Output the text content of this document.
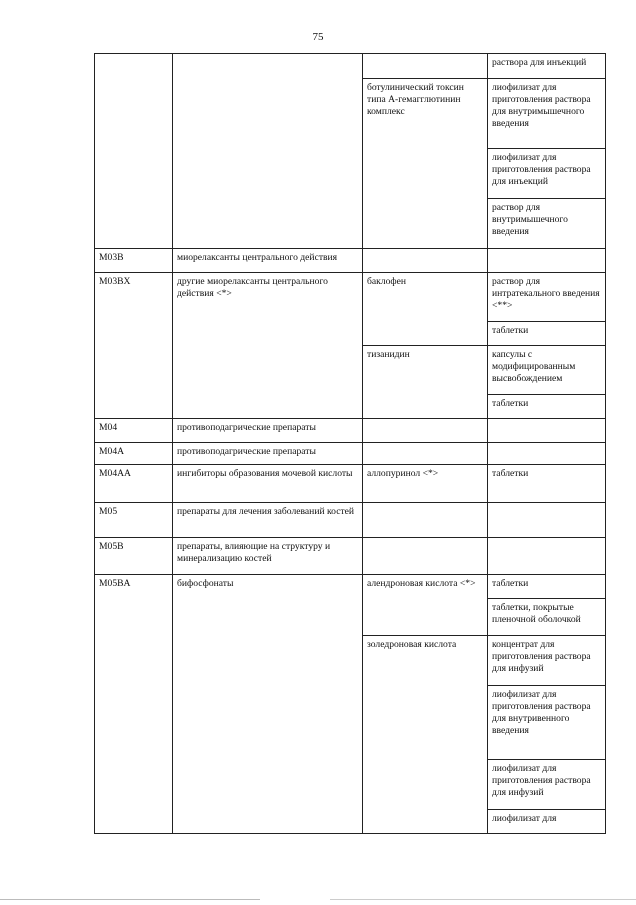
75
			раствора для инъекций
		ботулинический токсин типа А-гемагглютинин комплекс	лиофилизат для приготовления раствора для внутримышечного введения
			лиофилизат для приготовления раствора для инъекций
			раствор для внутримышечного введения
M03B	миорелаксанты центрального действия		
M03BX	другие миорелаксанты центрального действия <*>	баклофен	раствор для интратекального введения <**>
			таблетки
		тизанидин	капсулы с модифицированным высвобождением
			таблетки
M04	противоподагрические препараты		
M04A	противоподагрические препараты		
M04AA	ингибиторы образования мочевой кислоты	аллопуринол <*>	таблетки
M05	препараты для лечения заболеваний костей		
M05B	препараты, влияющие на структуру и минерализацию костей		
M05BA	бифосфонаты	алендроновая кислота <*>	таблетки
			таблетки, покрытые пленочной оболочкой
		золедроновая кислота	концентрат для приготовления раствора для инфузий
			лиофилизат для приготовления раствора для внутривенного введения
			лиофилизат для приготовления раствора для инфузий
			лиофилизат для
